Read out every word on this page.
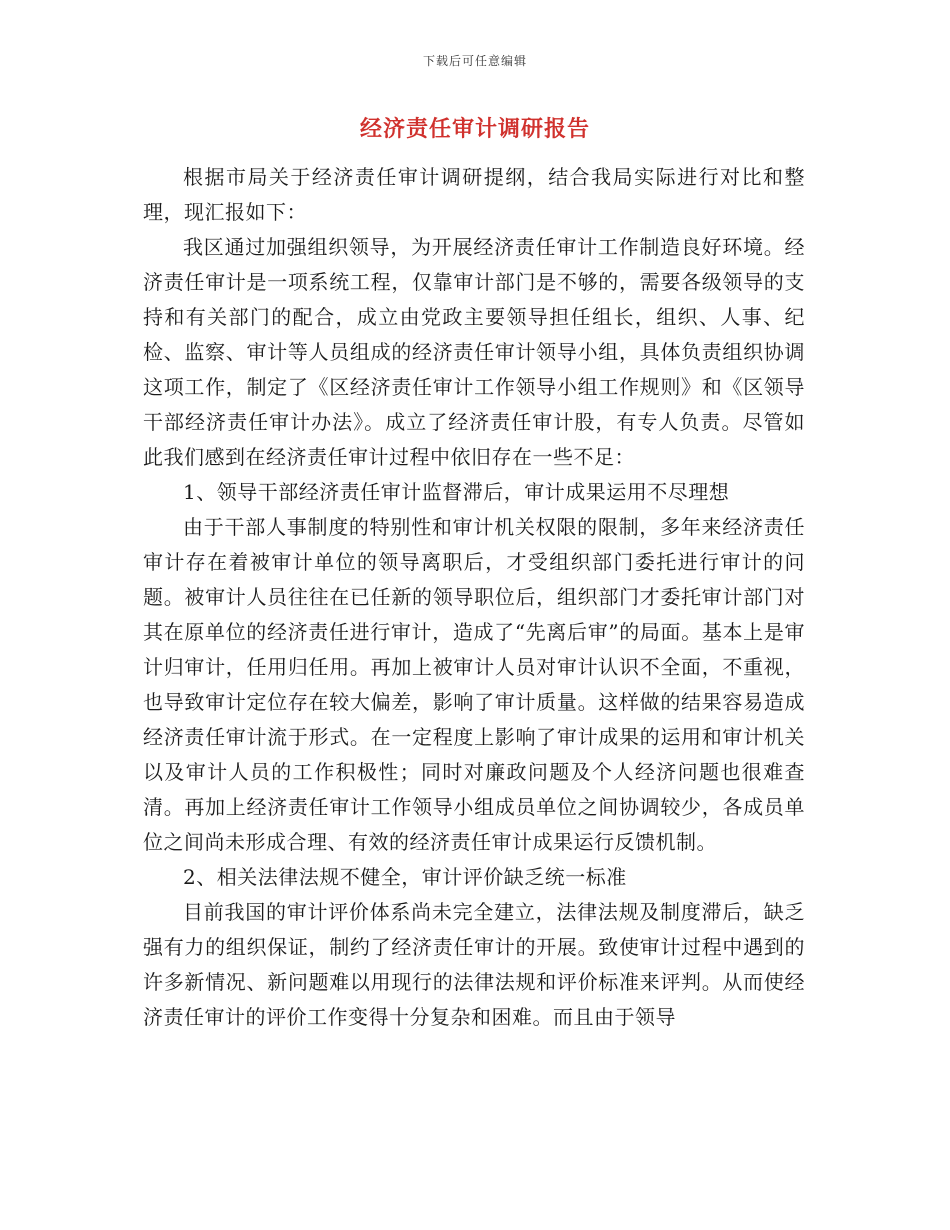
下载后可任意编辑
经济责任审计调研报告

根据市局关于经济责任审计调研提纲，结合我局实际进行对比和整理，现汇报如下：

我区通过加强组织领导，为开展经济责任审计工作制造良好环境。经济责任审计是一项系统工程，仅靠审计部门是不够的，需要各级领导的支持和有关部门的配合，成立由党政主要领导担任组长，组织、人事、纪检、监察、审计等人员组成的经济责任审计领导小组，具体负责组织协调这项工作，制定了《区经济责任审计工作领导小组工作规则》和《区领导干部经济责任审计办法》。成立了经济责任审计股，有专人负责。尽管如此我们感到在经济责任审计过程中依旧存在一些不足：

1、领导干部经济责任审计监督滞后，审计成果运用不尽理想

由于干部人事制度的特别性和审计机关权限的限制，多年来经济责任审计存在着被审计单位的领导离职后，才受组织部门委托进行审计的问题。被审计人员往往在已任新的领导职位后，组织部门才委托审计部门对其在原单位的经济责任进行审计，造成了“先离后审”的局面。基本上是审计归审计，任用归任用。再加上被审计人员对审计认识不全面，不重视，也导致审计定位存在较大偏差，影响了审计质量。这样做的结果容易造成经济责任审计流于形式。在一定程度上影响了审计成果的运用和审计机关以及审计人员的工作积极性；同时对廉政问题及个人经济问题也很难查清。再加上经济责任审计工作领导小组成员单位之间协调较少，各成员单位之间尚未形成合理、有效的经济责任审计成果运行反馈机制。

2、相关法律法规不健全，审计评价缺乏统一标准

目前我国的审计评价体系尚未完全建立，法律法规及制度滞后，缺乏强有力的组织保证，制约了经济责任审计的开展。致使审计过程中遇到的许多新情况、新问题难以用现行的法律法规和评价标准来评判。从而使经济责任审计的评价工作变得十分复杂和困难。而且由于领导
